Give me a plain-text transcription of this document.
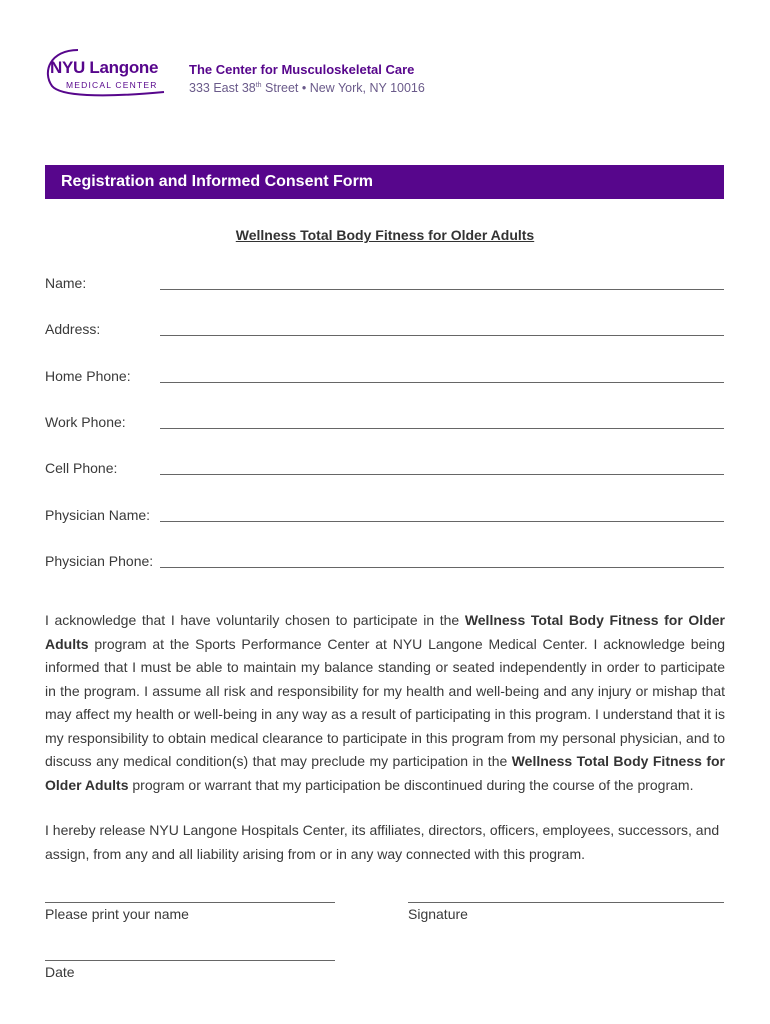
NYU Langone
MEDICAL CENTER
The Center for Musculoskeletal Care
333 East 38th Street • New York, NY 10016
Registration and Informed Consent Form
Wellness Total Body Fitness for Older Adults
Name:
Address:
Home Phone:
Work Phone:
Cell Phone:
Physician Name:
Physician Phone:
I acknowledge that I have voluntarily chosen to participate in the Wellness Total Body Fitness for Older Adults program at the Sports Performance Center at NYU Langone Medical Center. I acknowledge being informed that I must be able to maintain my balance standing or seated independently in order to participate in the program. I assume all risk and responsibility for my health and well-being and any injury or mishap that may affect my health or well-being in any way as a result of participating in this program. I understand that it is my responsibility to obtain medical clearance to participate in this program from my personal physician, and to discuss any medical condition(s) that may preclude my participation in the Wellness Total Body Fitness for Older Adults program or warrant that my participation be discontinued during the course of the program.
I hereby release NYU Langone Hospitals Center, its affiliates, directors, officers, employees, successors, and assign, from any and all liability arising from or in any way connected with this program.
Please print your name	Signature
Date
